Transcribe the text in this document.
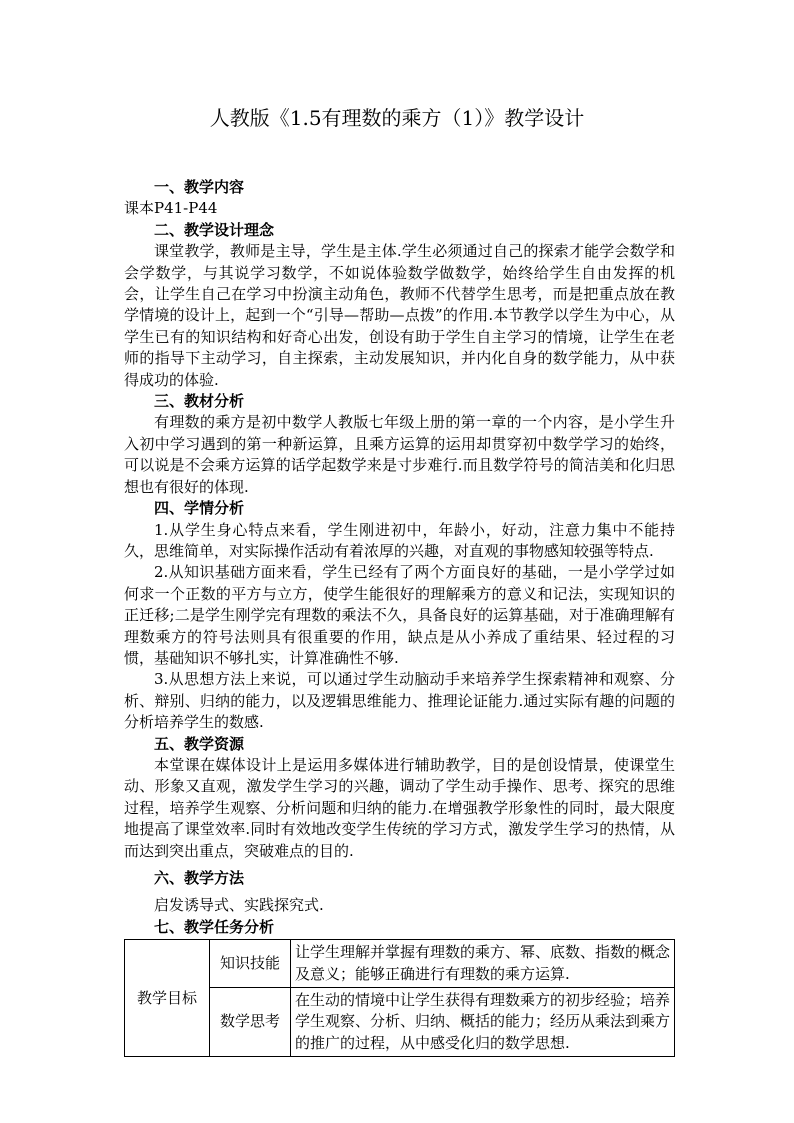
人教版《1.5有理数的乘方（1）》教学设计

一、教学内容

课本P41-P44

二、教学设计理念

课堂教学，教师是主导，学生是主体.学生必须通过自己的探索才能学会数学和会学数学，与其说学习数学，不如说体验数学做数学，始终给学生自由发挥的机会，让学生自己在学习中扮演主动角色，教师不代替学生思考，而是把重点放在教学情境的设计上，起到一个“引导—帮助—点拨”的作用.本节教学以学生为中心，从学生已有的知识结构和好奇心出发，创设有助于学生自主学习的情境，让学生在老师的指导下主动学习，自主探索，主动发展知识，并内化自身的数学能力，从中获得成功的体验.

三、教材分析

有理数的乘方是初中数学人教版七年级上册的第一章的一个内容，是小学生升入初中学习遇到的第一种新运算，且乘方运算的运用却贯穿初中数学学习的始终，可以说是不会乘方运算的话学起数学来是寸步难行.而且数学符号的简洁美和化归思想也有很好的体现.

四、学情分析

1.从学生身心特点来看，学生刚进初中，年龄小，好动，注意力集中不能持久，思维简单，对实际操作活动有着浓厚的兴趣，对直观的事物感知较强等特点.

2.从知识基础方面来看，学生已经有了两个方面良好的基础，一是小学学过如何求一个正数的平方与立方，使学生能很好的理解乘方的意义和记法，实现知识的正迁移;二是学生刚学完有理数的乘法不久，具备良好的运算基础，对于准确理解有理数乘方的符号法则具有很重要的作用，缺点是从小养成了重结果、轻过程的习惯，基础知识不够扎实，计算准确性不够.

3.从思想方法上来说，可以通过学生动脑动手来培养学生探索精神和观察、分析、辩别、归纳的能力，以及逻辑思维能力、推理论证能力.通过实际有趣的问题的分析培养学生的数感.

五、教学资源

本堂课在媒体设计上是运用多媒体进行辅助教学，目的是创设情景，使课堂生动、形象又直观，激发学生学习的兴趣，调动了学生动手操作、思考、探究的思维过程，培养学生观察、分析问题和归纳的能力.在增强教学形象性的同时，最大限度地提高了课堂效率.同时有效地改变学生传统的学习方式，激发学生学习的热情，从而达到突出重点，突破难点的目的.

六、教学方法

启发诱导式、实践探究式.

七、教学任务分析

教学目标	知识技能	让学生理解并掌握有理数的乘方、幂、底数、指数的概念及意义；能够正确进行有理数的乘方运算.
	数学思考	在生动的情境中让学生获得有理数乘方的初步经验；培养学生观察、分析、归纳、概括的能力；经历从乘法到乘方的推广的过程，从中感受化归的数学思想.
